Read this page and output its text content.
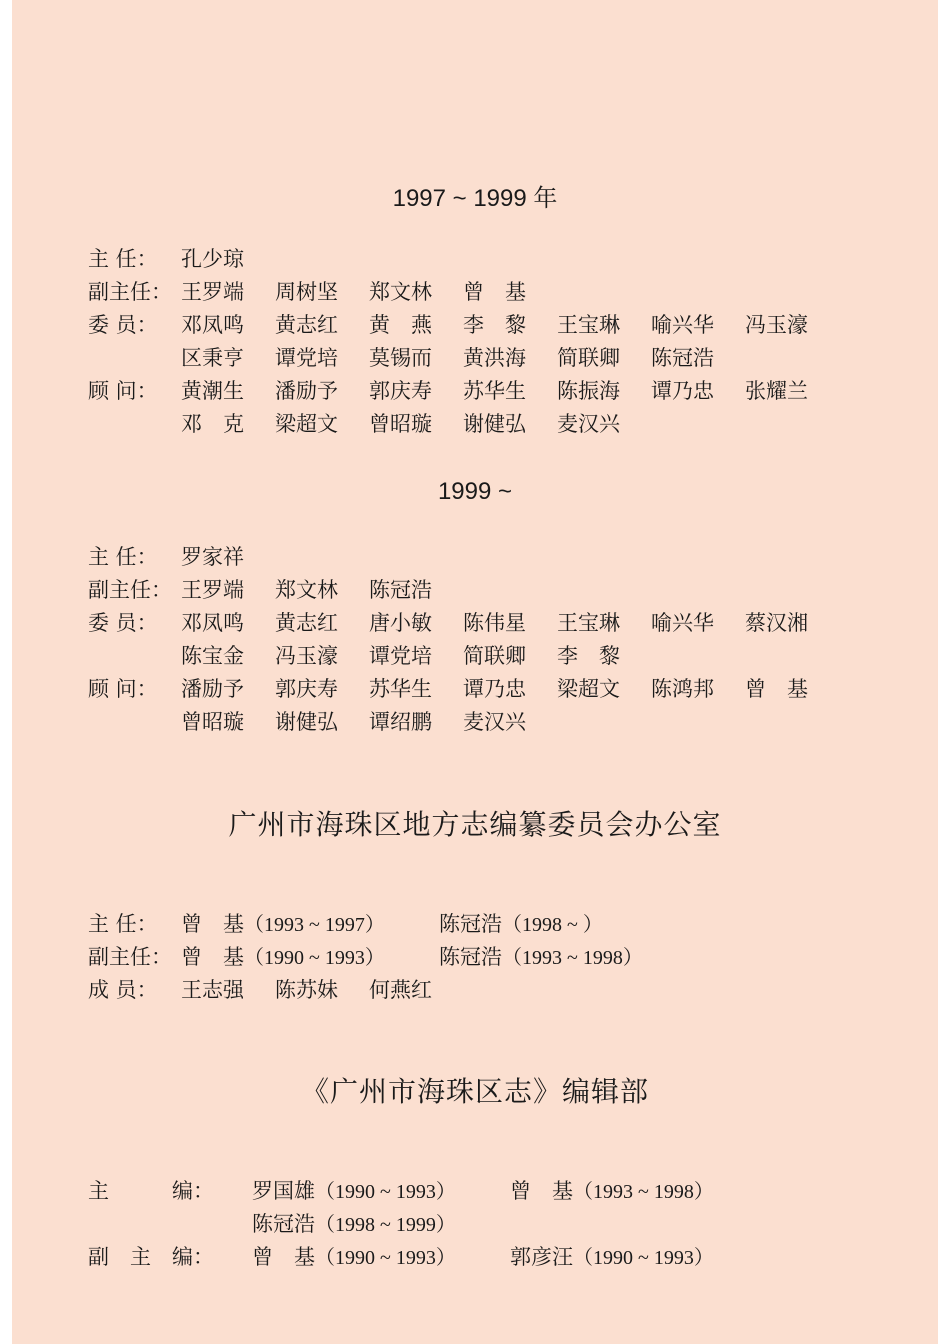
1997 ~ 1999 年
主 任：	孔少琼
副主任： 王罗端 周树坚 郑文林 曾　基
委 员：	邓凤鸣 黄志红 黄　燕 李　黎 王宝琳 喻兴华 冯玉濠
区秉亨 谭党培 莫锡而 黄洪海 简联卿 陈冠浩
顾 问：	黄潮生 潘励予 郭庆寿 苏华生 陈振海 谭乃忠 张耀兰
邓　克 梁超文 曾昭璇 谢健弘 麦汉兴
1999 ~
主 任：	罗家祥
副主任： 王罗端 郑文林 陈冠浩
委 员：	邓凤鸣 黄志红 唐小敏 陈伟星 王宝琳 喻兴华 蔡汉湘
陈宝金 冯玉濠 谭党培 简联卿 李　黎
顾 问：	潘励予 郭庆寿 苏华生 谭乃忠 梁超文 陈鸿邦 曾　基
曾昭璇 谢健弘 谭绍鹏 麦汉兴
广州市海珠区地方志编纂委员会办公室
主 任：	曾　基（1993 ~ 1997）	陈冠浩（1998 ~ ）
副主任： 曾　基（1990 ~ 1993）	陈冠浩（1993 ~ 1998）
成 员：	王志强 陈苏妹 何燕红
《广州市海珠区志》编辑部
主　　　编：	罗国雄（1990 ~ 1993）	曾　基（1993 ~ 1998）
陈冠浩（1998 ~ 1999）
副　主　编：	曾　基（1990 ~ 1993）	郭彦汪（1990 ~ 1993）
